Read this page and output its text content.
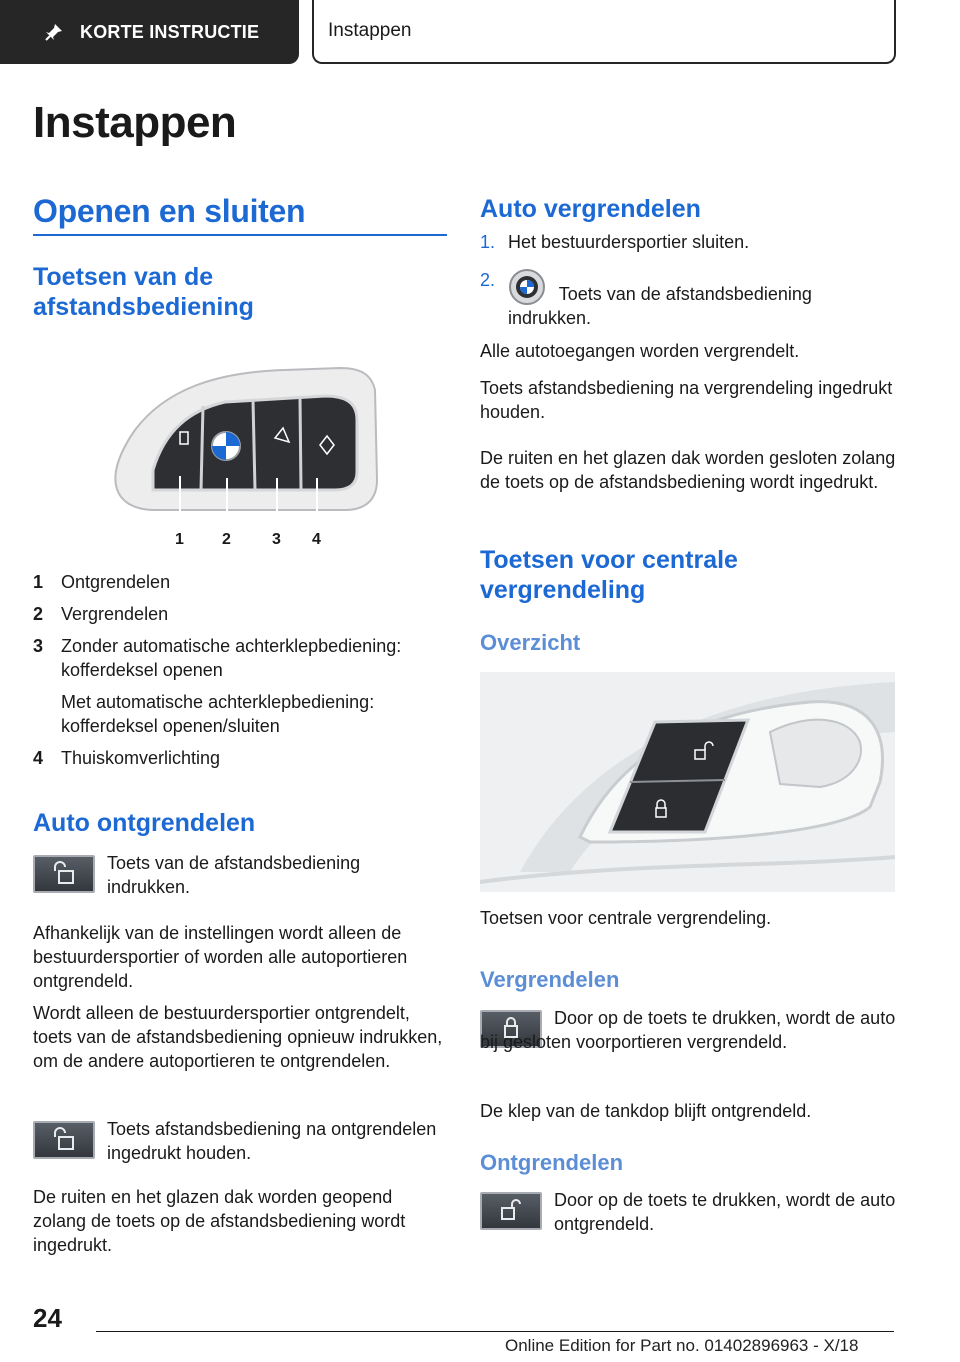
KORTE INSTRUCTIE	Instappen
Instappen
Openen en sluiten
Toetsen van de afstandsbediening
1 2	3 4
1 Ontgrendelen
2 Vergrendelen
3 Zonder automatische achterklepbediening: kofferdeksel openen
Met automatische achterklepbediening: kofferdeksel openen/sluiten
4 Thuiskomverlichting
Auto ontgrendelen
Toets van de afstandsbediening indrukken.
Afhankelijk van de instellingen wordt alleen de bestuurdersportier of worden alle autoportieren ontgrendeld.
Wordt alleen de bestuurdersportier ontgrendelt, toets van de afstandsbediening opnieuw indrukken, om de andere autoportieren te ontgrendelen.
Toets afstandsbediening na ontgrendelen ingedrukt houden.
De ruiten en het glazen dak worden geopend zolang de toets op de afstandsbediening wordt ingedrukt.
Auto vergrendelen
1. Het bestuurdersportier sluiten.
2.
Toets van de afstandsbediening indrukken.
Alle autotoegangen worden vergrendelt.
Toets afstandsbediening na vergrendeling ingedrukt houden.
De ruiten en het glazen dak worden gesloten zolang de toets op de afstandsbediening wordt ingedrukt.
Toetsen voor centrale vergrendeling
Overzicht
Toetsen voor centrale vergrendeling.
Vergrendelen
Door op de toets te drukken, wordt de auto bij gesloten voorportieren vergrendeld.
De klep van de tankdop blijft ontgrendeld.
Ontgrendelen
Door op de toets te drukken, wordt de auto ontgrendeld.
24
Online Edition for Part no. 01402896963 - X/18
